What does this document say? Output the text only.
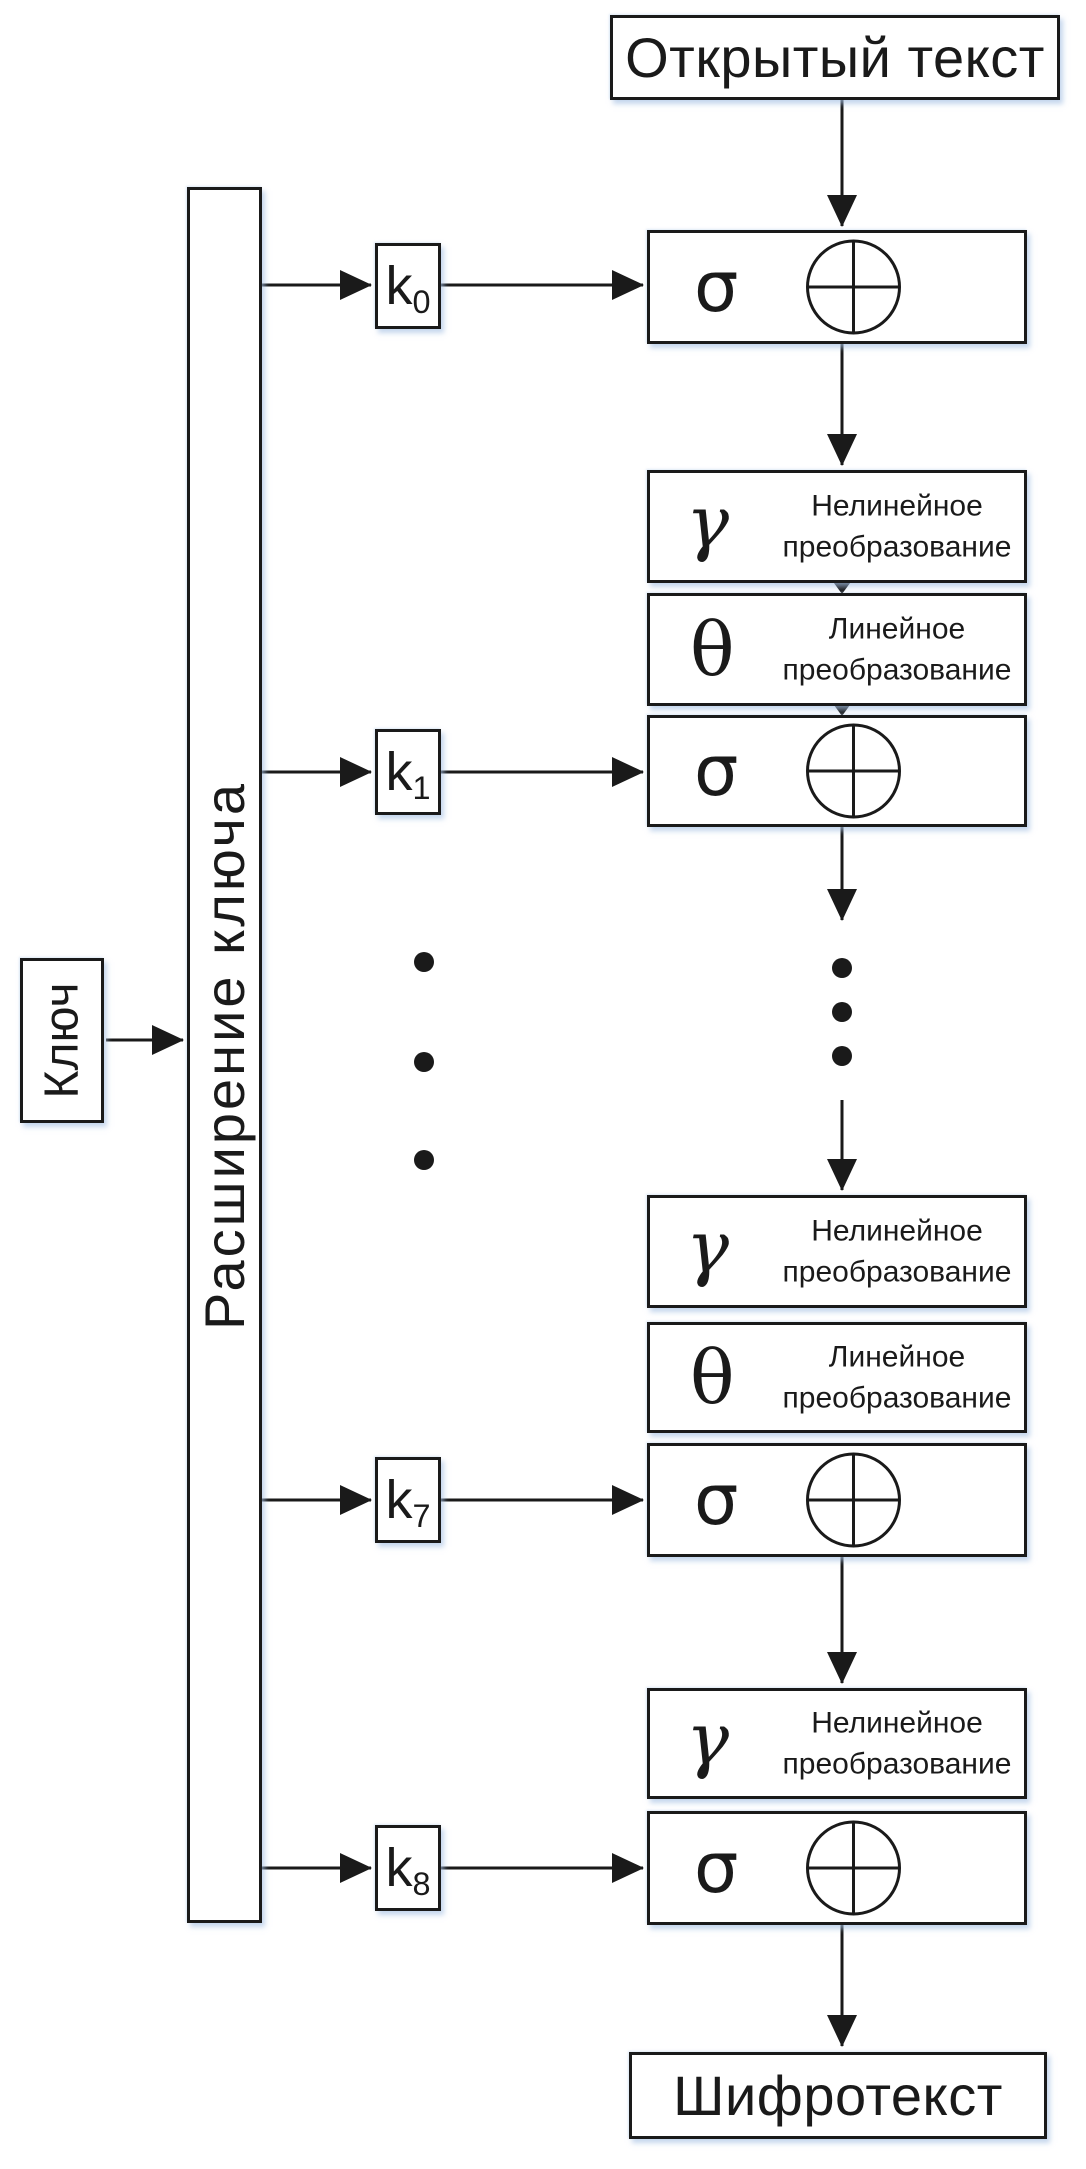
Открытый текст
Ключ Расширение ключа
k0
k1
k7
k8
σ
σ
σ
σ
γ	Нелинейное преобразование
γ	Нелинейное преобразование
γ	Нелинейное преобразование
θ	Линейное преобразование
θ	Линейное преобразование
Шифротекст
